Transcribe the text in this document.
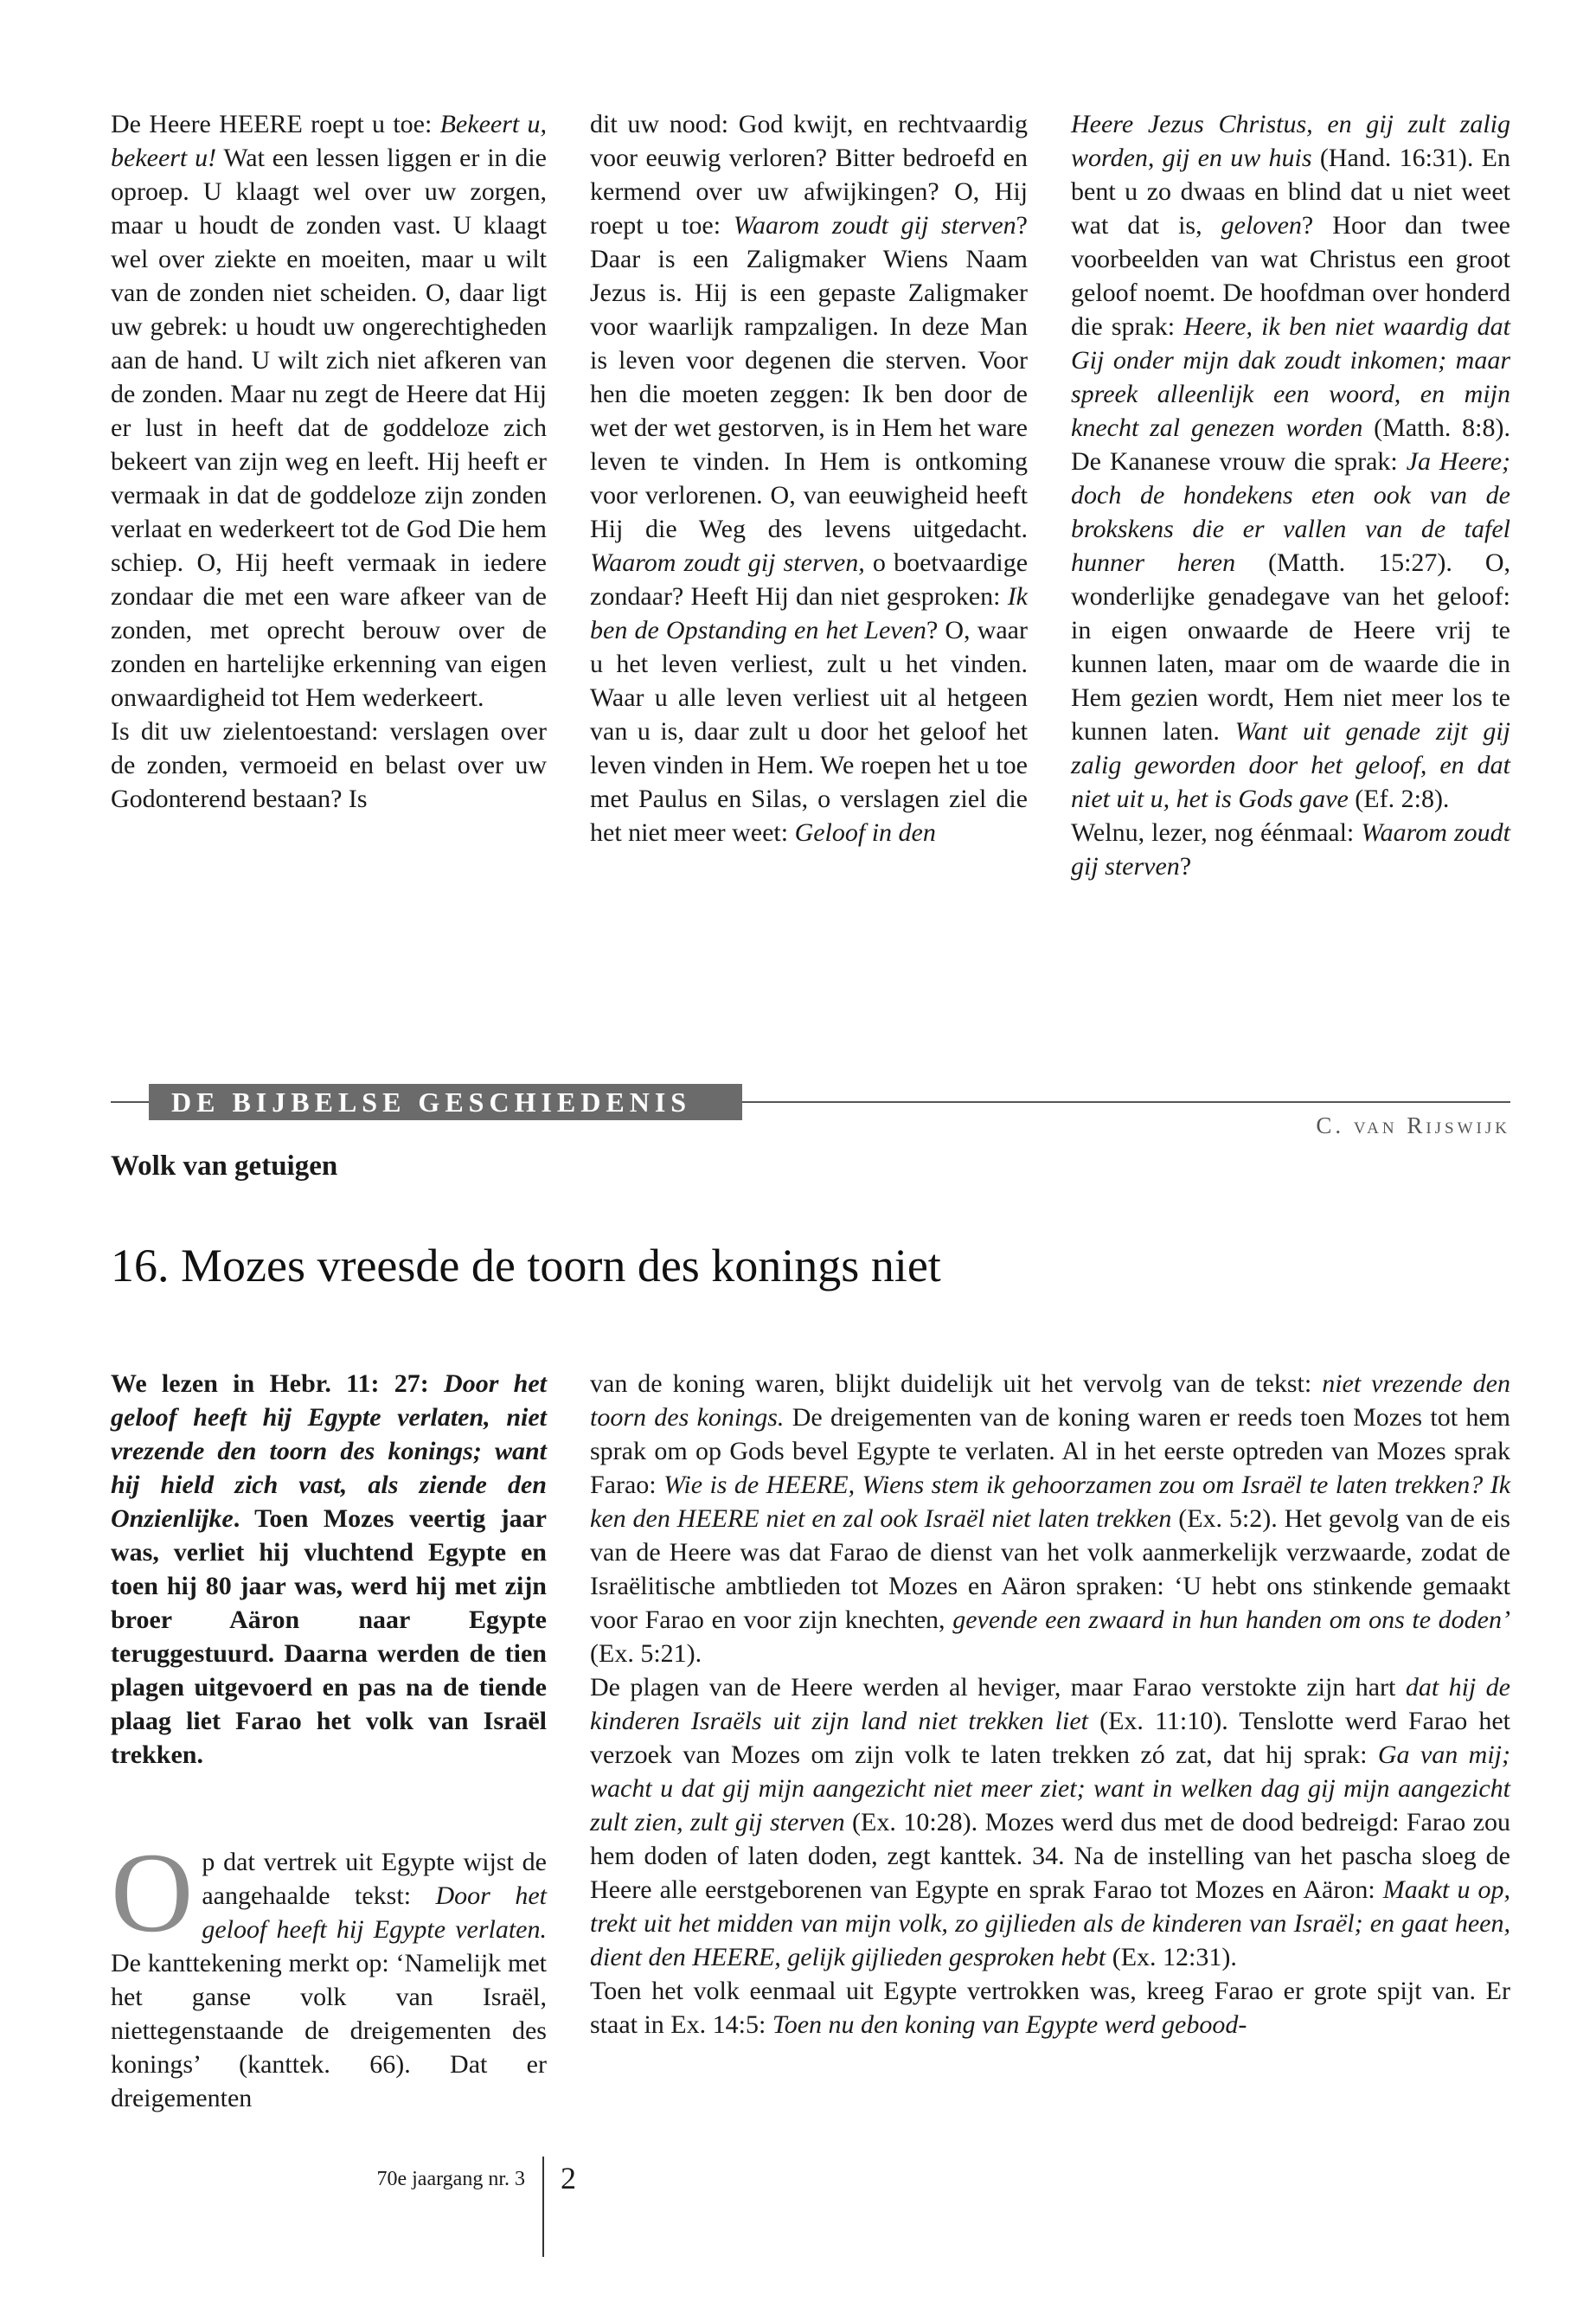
De Heere HEERE roept u toe: Bekeert u, bekeert u! Wat een lessen liggen er in die oproep. U klaagt wel over uw zorgen, maar u houdt de zonden vast. U klaagt wel over ziekte en moeiten, maar u wilt van de zonden niet scheiden. O, daar ligt uw gebrek: u houdt uw ongerechtigheden aan de hand. U wilt zich niet afkeren van de zonden. Maar nu zegt de Heere dat Hij er lust in heeft dat de goddeloze zich bekeert van zijn weg en leeft. Hij heeft er vermaak in dat de goddeloze zijn zonden verlaat en wederkeert tot de God Die hem schiep. O, Hij heeft vermaak in iedere zondaar die met een ware afkeer van de zonden, met oprecht berouw over de zonden en hartelijke erkenning van eigen onwaardigheid tot Hem wederkeert.
Is dit uw zielentoestand: verslagen over de zonden, vermoeid en belast over uw Godonterend bestaan? Is

dit uw nood: God kwijt, en rechtvaardig voor eeuwig verloren? Bitter bedroefd en kermend over uw afwijkingen? O, Hij roept u toe: Waarom zoudt gij sterven? Daar is een Zaligmaker Wiens Naam Jezus is. Hij is een gepaste Zaligmaker voor waarlijk rampzaligen. In deze Man is leven voor degenen die sterven. Voor hen die moeten zeggen: Ik ben door de wet der wet gestorven, is in Hem het ware leven te vinden. In Hem is ontkoming voor verlorenen. O, van eeuwigheid heeft Hij die Weg des levens uitgedacht. Waarom zoudt gij sterven, o boetvaardige zondaar? Heeft Hij dan niet gesproken: Ik ben de Opstanding en het Leven? O, waar u het leven verliest, zult u het vinden. Waar u alle leven verliest uit al hetgeen van u is, daar zult u door het geloof het leven vinden in Hem. We roepen het u toe met Paulus en Silas, o verslagen ziel die het niet meer weet: Geloof in den

Heere Jezus Christus, en gij zult zalig worden, gij en uw huis (Hand. 16:31). En bent u zo dwaas en blind dat u niet weet wat dat is, geloven? Hoor dan twee voorbeelden van wat Christus een groot geloof noemt. De hoofdman over honderd die sprak: Heere, ik ben niet waardig dat Gij onder mijn dak zoudt inkomen; maar spreek alleenlijk een woord, en mijn knecht zal genezen worden (Matth. 8:8). De Kananese vrouw die sprak: Ja Heere; doch de hondekens eten ook van de brokskens die er vallen van de tafel hunner heren (Matth. 15:27). O, wonderlijke genadegave van het geloof: in eigen onwaarde de Heere vrij te kunnen laten, maar om de waarde die in Hem gezien wordt, Hem niet meer los te kunnen laten. Want uit genade zijt gij zalig geworden door het geloof, en dat niet uit u, het is Gods gave (Ef. 2:8).
Welnu, lezer, nog éénmaal: Waarom zoudt gij sterven?

DE BIJBELSE GESCHIEDENIS
C. van Rijswijk
Wolk van getuigen
16. Mozes vreesde de toorn des konings niet

We lezen in Hebr. 11: 27: Door het geloof heeft hij Egypte verlaten, niet vrezende den toorn des konings; want hij hield zich vast, als ziende den Onzienlijke. Toen Mozes veertig jaar was, verliet hij vluchtend Egypte en toen hij 80 jaar was, werd hij met zijn broer Aäron naar Egypte teruggestuurd. Daarna werden de tien plagen uitgevoerd en pas na de tiende plaag liet Farao het volk van Israël trekken.

O p dat vertrek uit Egypte wijst de aangehaalde tekst: Door het geloof heeft hij Egypte verlaten. De kanttekening merkt op: ‘Namelijk met het ganse volk van Israël, niettegenstaande de dreigementen des konings’ (kanttek. 66). Dat er dreigementen

van de koning waren, blijkt duidelijk uit het vervolg van de tekst: niet vrezende den toorn des konings. De dreigementen van de koning waren er reeds toen Mozes tot hem sprak om op Gods bevel Egypte te verlaten. Al in het eerste optreden van Mozes sprak Farao: Wie is de HEERE, Wiens stem ik gehoorzamen zou om Israël te laten trekken? Ik ken den HEERE niet en zal ook Israël niet laten trekken (Ex. 5:2). Het gevolg van de eis van de Heere was dat Farao de dienst van het volk aanmerkelijk verzwaarde, zodat de Israëlitische ambtlieden tot Mozes en Aäron spraken: ‘U hebt ons stinkende gemaakt voor Farao en voor zijn knechten, gevende een zwaard in hun handen om ons te doden’ (Ex. 5:21).
De plagen van de Heere werden al heviger, maar Farao verstokte zijn hart dat hij de kinderen Israëls uit zijn land niet trekken liet (Ex. 11:10). Tenslotte werd Farao het verzoek van Mozes om zijn volk te laten trekken zó zat, dat hij sprak: Ga van mij; wacht u dat gij mijn aangezicht niet meer ziet; want in welken dag gij mijn aangezicht zult zien, zult gij sterven (Ex. 10:28). Mozes werd dus met de dood bedreigd: Farao zou hem doden of laten doden, zegt kanttek. 34. Na de instelling van het pascha sloeg de Heere alle eerstgeborenen van Egypte en sprak Farao tot Mozes en Aäron: Maakt u op, trekt uit het midden van mijn volk, zo gijlieden als de kinderen van Israël; en gaat heen, dient den HEERE, gelijk gijlieden gesproken hebt (Ex. 12:31).
Toen het volk eenmaal uit Egypte vertrokken was, kreeg Farao er grote spijt van. Er staat in Ex. 14:5: Toen nu den koning van Egypte werd gebood-

70e jaargang nr. 3 2
